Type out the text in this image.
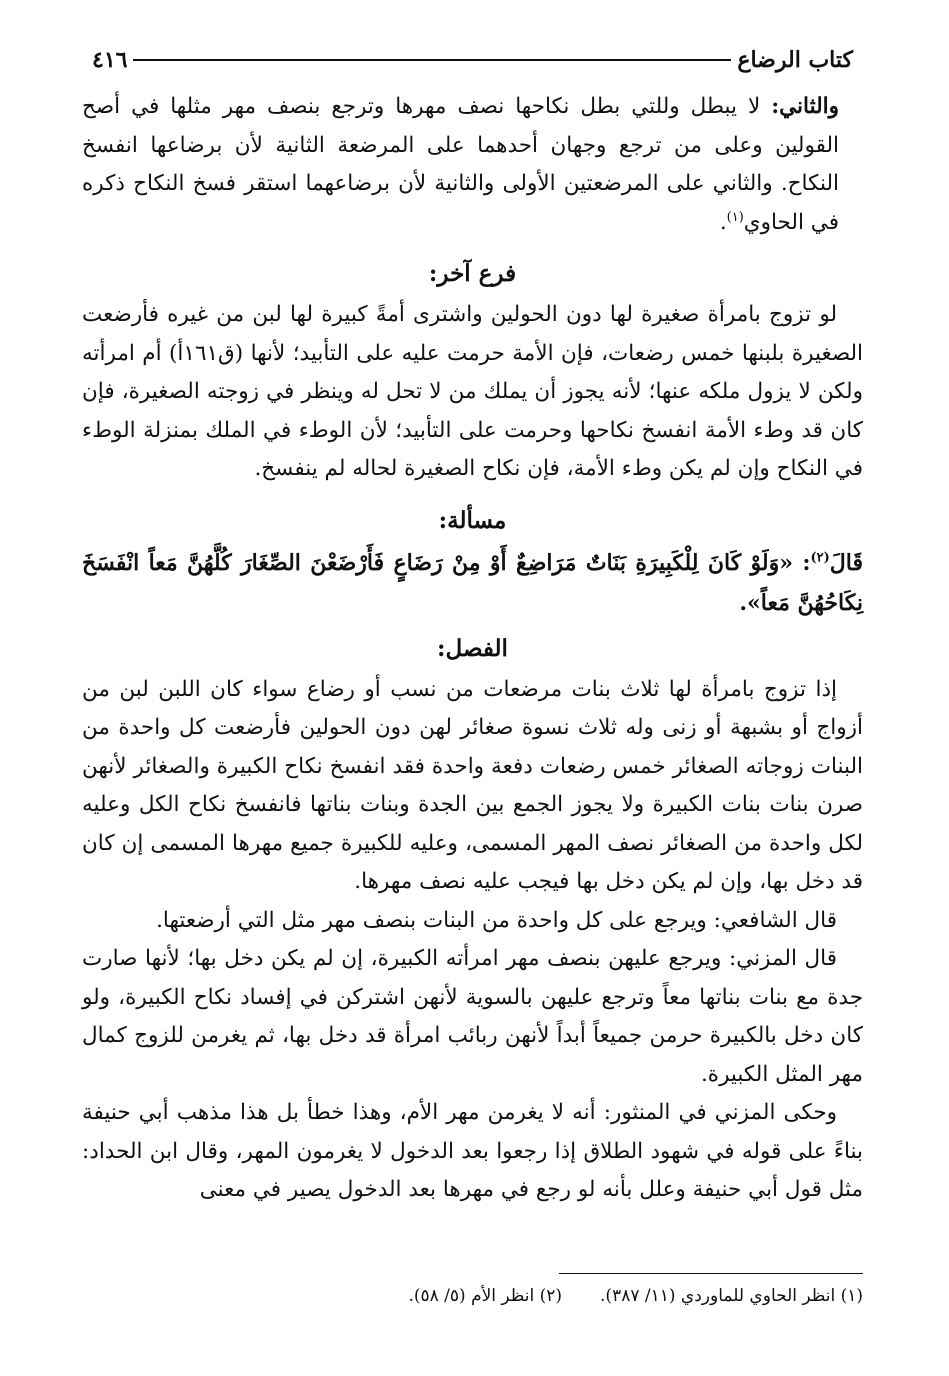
كتاب الرضاع
٤١٦

والثاني: لا يبطل وللتي بطل نكاحها نصف مهرها وترجع بنصف مهر مثلها في أصح القولين وعلى من ترجع وجهان أحدهما على المرضعة الثانية لأن برضاعها انفسخ النكاح. والثاني على المرضعتين الأولى والثانية لأن برضاعهما استقر فسخ النكاح ذكره في الحاوي$^{(١)}$.

فرع آخر:

لو تزوج بامرأة صغيرة لها دون الحولين واشترى أمةً كبيرة لها لبن من غيره فأرضعت الصغيرة بلبنها خمس رضعات، فإن الأمة حرمت عليه على التأبيد؛ لأنها (ق١٦١أ) أم امرأته ولكن لا يزول ملكه عنها؛ لأنه يجوز أن يملك من لا تحل له وينظر في زوجته الصغيرة، فإن كان قد وطء الأمة انفسخ نكاحها وحرمت على التأبيد؛ لأن الوطء في الملك بمنزلة الوطء في النكاح وإن لم يكن وطء الأمة، فإن نكاح الصغيرة لحاله لم ينفسخ.

مسألة:

قَالَ$^{(٢)}$: «وَلَوْ كَانَ لِلْكَبِيرَةِ بَنَاتٌ مَرَاضِعٌ أَوْ مِنْ رَضَاعٍ فَأَرْضَعْنَ الصِّغَارَ كُلَّهُنَّ مَعاً انْفَسَخَ نِكَاحُهُنَّ مَعاً».

الفصل:

إذا تزوج بامرأة لها ثلاث بنات مرضعات من نسب أو رضاع سواء كان اللبن لبن من أزواج أو بشبهة أو زنى وله ثلاث نسوة صغائر لهن دون الحولين فأرضعت كل واحدة من البنات زوجاته الصغائر خمس رضعات دفعة واحدة فقد انفسخ نكاح الكبيرة والصغائر لأنهن صرن بنات بنات الكبيرة ولا يجوز الجمع بين الجدة وبنات بناتها فانفسخ نكاح الكل وعليه لكل واحدة من الصغائر نصف المهر المسمى، وعليه للكبيرة جميع مهرها المسمى إن كان قد دخل بها، وإن لم يكن دخل بها فيجب عليه نصف مهرها.

قال الشافعي: ويرجع على كل واحدة من البنات بنصف مهر مثل التي أرضعتها.

قال المزني: ويرجع عليهن بنصف مهر امرأته الكبيرة، إن لم يكن دخل بها؛ لأنها صارت جدة مع بنات بناتها معاً وترجع عليهن بالسوية لأنهن اشتركن في إفساد نكاح الكبيرة، ولو كان دخل بالكبيرة حرمن جميعاً أبداً لأنهن ربائب امرأة قد دخل بها، ثم يغرمن للزوج كمال مهر المثل الكبيرة.

وحكى المزني في المنثور: أنه لا يغرمن مهر الأم، وهذا خطأ بل هذا مذهب أبي حنيفة بناءً على قوله في شهود الطلاق إذا رجعوا بعد الدخول لا يغرمون المهر، وقال ابن الحداد: مثل قول أبي حنيفة وعلل بأنه لو رجع في مهرها بعد الدخول يصير في معنى

(١) انظر الحاوي للماوردي (١١/ ٣٨٧).
(٢) انظر الأم (٥/ ٥٨).
